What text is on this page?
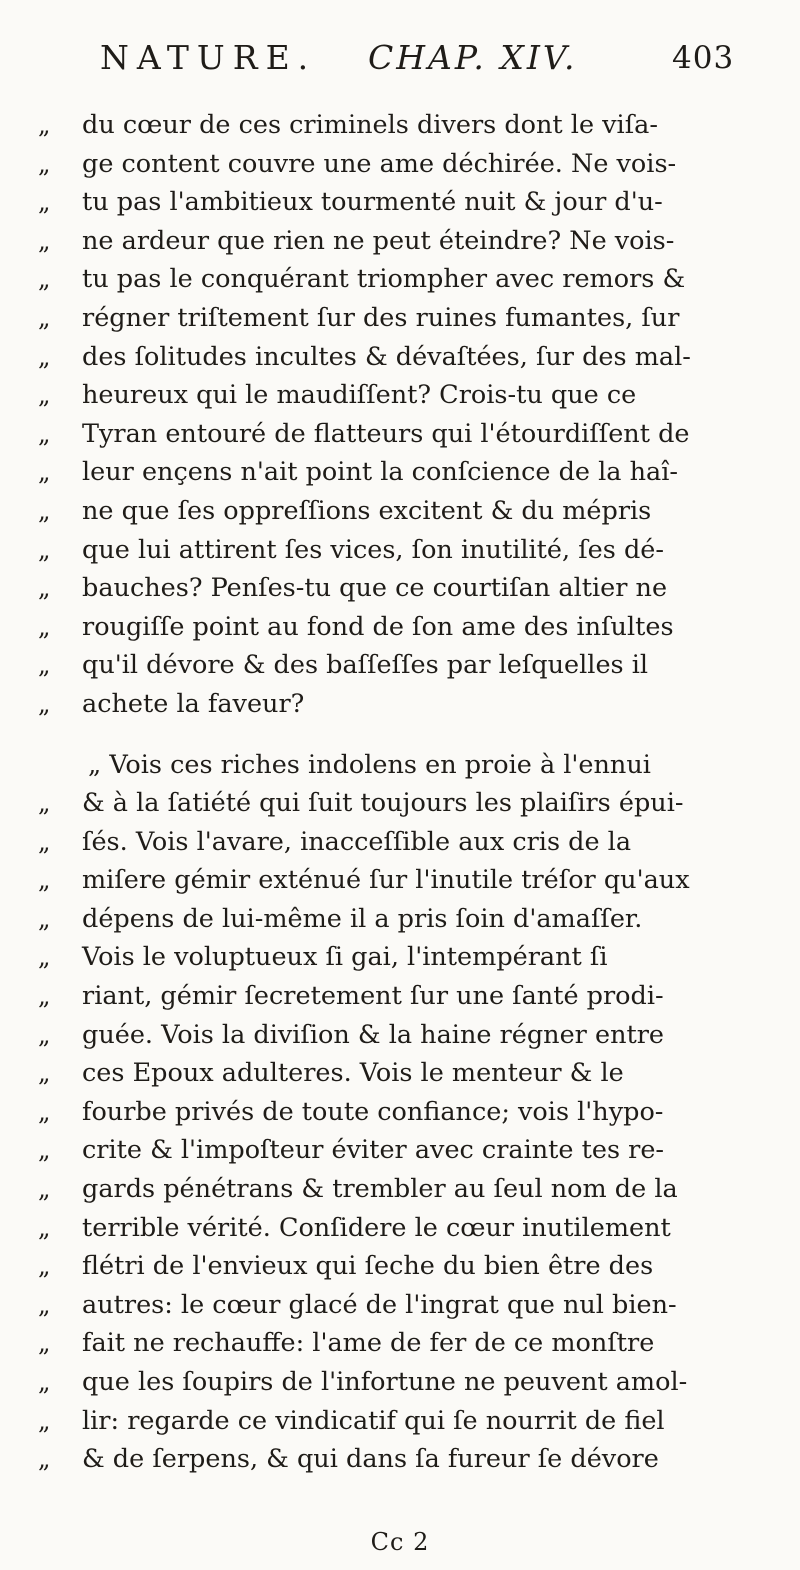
NATURE. CHAP. XIV.	403
„	du cœur de ces criminels divers dont le viſa-
„	ge content couvre une ame déchirée. Ne vois-
„	tu pas l'ambitieux tourmenté nuit & jour d'u-
„	ne ardeur que rien ne peut éteindre? Ne vois-
„	tu pas le conquérant triompher avec remors &
„	régner triſtement ſur des ruines fumantes, ſur
„	des ſolitudes incultes & dévaſtées, ſur des mal-
„	heureux qui le maudiſſent? Crois-tu que ce
„	Tyran entouré de flatteurs qui l'étourdiſſent de
„	leur ençens n'ait point la conſcience de la haî-
„	ne que ſes oppreſſions excitent & du mépris
„	que lui attirent ſes vices, ſon inutilité, ſes dé-
„	bauches? Penſes-tu que ce courtiſan altier ne
„	rougiſſe point au fond de ſon ame des inſultes
„	qu'il dévore & des baſſeſſes par leſquelles il
„	achete la faveur?
„ Vois ces riches indolens en proie à l'ennui
„	& à la ſatiété qui ſuit toujours les plaiſirs épui-
„	ſés. Vois l'avare, inacceſſible aux cris de la
„	miſere gémir exténué ſur l'inutile tréſor qu'aux
„	dépens de lui-même il a pris ſoin d'amaſſer.
„	Vois le voluptueux ſi gai, l'intempérant ſi
„	riant, gémir ſecretement ſur une ſanté prodi-
„	guée. Vois la diviſion & la haine régner entre
„	ces Epoux adulteres. Vois le menteur & le
„	fourbe privés de toute confiance; vois l'hypo-
„	crite & l'impoſteur éviter avec crainte tes re-
„	gards pénétrans & trembler au ſeul nom de la
„	terrible vérité. Conſidere le cœur inutilement
„	flétri de l'envieux qui ſeche du bien être des
„	autres: le cœur glacé de l'ingrat que nul bien-
„	fait ne rechauffe: l'ame de fer de ce monſtre
„	que les ſoupirs de l'infortune ne peuvent amol-
„	lir: regarde ce vindicatif qui ſe nourrit de fiel
„	& de ſerpens, & qui dans ſa fureur ſe dévore
Cc 2
